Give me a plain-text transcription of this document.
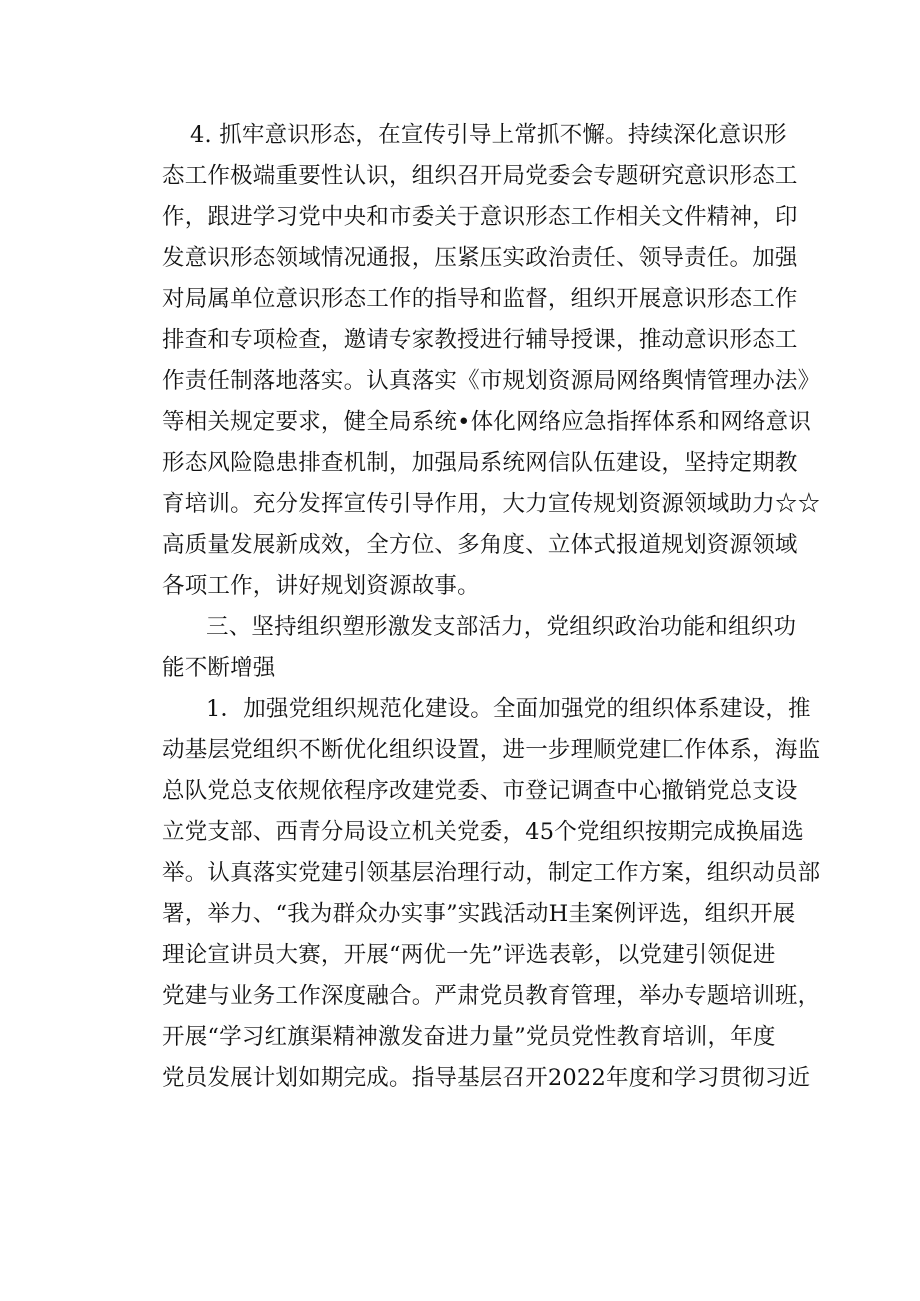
4. 抓牢意识形态，在宣传引导上常抓不懈。持续深化意识形
态工作极端重要性认识，组织召开局党委会专题研究意识形态工
作，跟进学习党中央和市委关于意识形态工作相关文件精神，印
发意识形态领域情况通报，压紧压实政治责任、领导责任。加强
对局属单位意识形态工作的指导和监督，组织开展意识形态工作
排查和专项检查，邀请专家教授进行辅导授课，推动意识形态工
作责任制落地落实。认真落实《市规划资源局网络舆情管理办法》
等相关规定要求，健全局系统•体化网络应急指挥体系和网络意识
形态风险隐患排查机制，加强局系统网信队伍建设，坚持定期教
育培训。充分发挥宣传引导作用，大力宣传规划资源领域助力☆☆
高质量发展新成效，全方位、多角度、立体式报道规划资源领域
各项工作，讲好规划资源故事。
三、坚持组织塑形激发支部活力，党组织政治功能和组织功
能不断增强
1．加强党组织规范化建设。全面加强党的组织体系建设，推
动基层党组织不断优化组织设置，进一步理顺党建匚作体系，海监
总队党总支依规依程序改建党委、市登记调查中心撤销党总支设
立党支部、西青分局设立机关党委，45个党组织按期完成换届选
举。认真落实党建引领基层治理行动，制定工作方案，组织动员部
署，举力、“我为群众办实事”实践活动H圭案例评选，组织开展
理论宣讲员大赛，开展“两优一先”评选表彰，以党建引领促进
党建与业务工作深度融合。严肃党员教育管理，举办专题培训班，
开展“学习红旗渠精神激发奋进力量”党员党性教育培训，年度
党员发展计划如期完成。指导基层召开2022年度和学习贯彻习近
